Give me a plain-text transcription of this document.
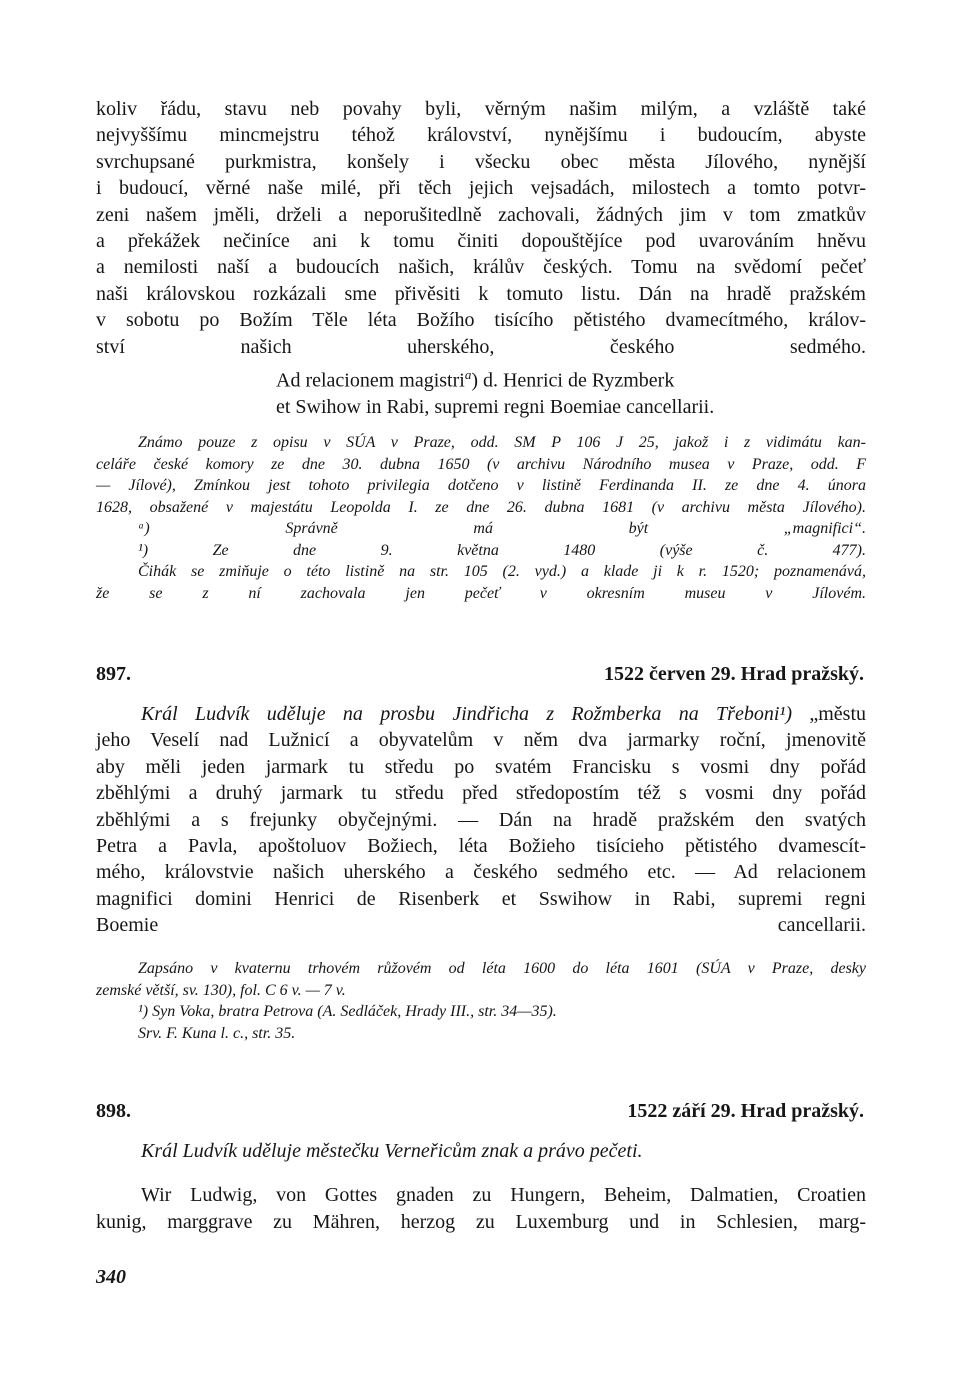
koliv řádu, stavu neb povahy byli, věrným našim milým, a vzláště také
nejvyššímu mincmejstru téhož království, nynějšímu i budoucím, abyste
svrchupsané purkmistra, konšely i všecku obec města Jílového, nynější
i budoucí, věrné naše milé, při těch jejich vejsadách, milostech a tomto potvr-
zeni našem jměli, drželi a neporušitedlně zachovali, žádných jim v tom zmatkův
a překážek nečiníce ani k tomu činiti dopouštějíce pod uvarováním hněvu
a nemilosti naší a budoucích našich, králův českých. Tomu na svědomí pečeť
naši královskou rozkázali sme přivěsiti k tomuto listu. Dán na hradě pražském
v sobotu po Božím Těle léta Božího tisícího pětistého dvamecítmého, králov-
ství našich uherského, českého sedmého.
Ad relacionem magistri$^a$) d. Henrici de Ryzmberk
et Swihow in Rabi, supremi regni Boemiae cancellarii.
Známo pouze z opisu v SÚA v Praze, odd. SM P 106 J 25, jakož i z vidimátu kan-
celáře české komory ze dne 30. dubna 1650 (v archivu Národního musea v Praze, odd. F
— Jílové), Zmínkou jest tohoto privilegia dotčeno v listině Ferdinanda II. ze dne 4. února
1628, obsažené v majestátu Leopolda I. ze dne 26. dubna 1681 (v archivu města Jílového).
ᵃ) Správně má být „magnifici“.
¹) Ze dne 9. května 1480 (výše č. 477).
Čihák se zmiňuje o této listině na str. 105 (2. vyd.) a klade ji k r. 1520; poznamenává,
že se z ní zachovala jen pečeť v okresním museu v Jílovém.
897.	1522 červen 29. Hrad pražský.
Král Ludvík uděluje na prosbu Jindřicha z Rožmberka na Třeboni¹) „městu
jeho Veselí nad Lužnicí a obyvatelům v něm dva jarmarky roční, jmenovitě
aby měli jeden jarmark tu středu po svatém Francisku s vosmi dny pořád
zběhlými a druhý jarmark tu středu před středopostím též s vosmi dny pořád
zběhlými a s frejunky obyčejnými. — Dán na hradě pražském den svatých
Petra a Pavla, apoštoluov Božiech, léta Božieho tisícieho pětistého dvamescít-
mého, královstvie našich uherského a českého sedmého etc. — Ad relacionem
magnifici domini Henrici de Risenberk et Sswihow in Rabi, supremi regni
Boemie cancellarii.
Zapsáno v kvaternu trhovém růžovém od léta 1600 do léta 1601 (SÚA v Praze, desky
zemské větší, sv. 130), fol. C 6 v. — 7 v.
¹) Syn Voka, bratra Petrova (A. Sedláček, Hrady III., str. 34—35).
Srv. F. Kuna l. c., str. 35.
898.	1522 září 29. Hrad pražský.
Král Ludvík uděluje městečku Verneřicům znak a právo pečeti.
Wir Ludwig, von Gottes gnaden zu Hungern, Beheim, Dalmatien, Croatien
kunig, marggrave zu Mähren, herzog zu Luxemburg und in Schlesien, marg-
340
